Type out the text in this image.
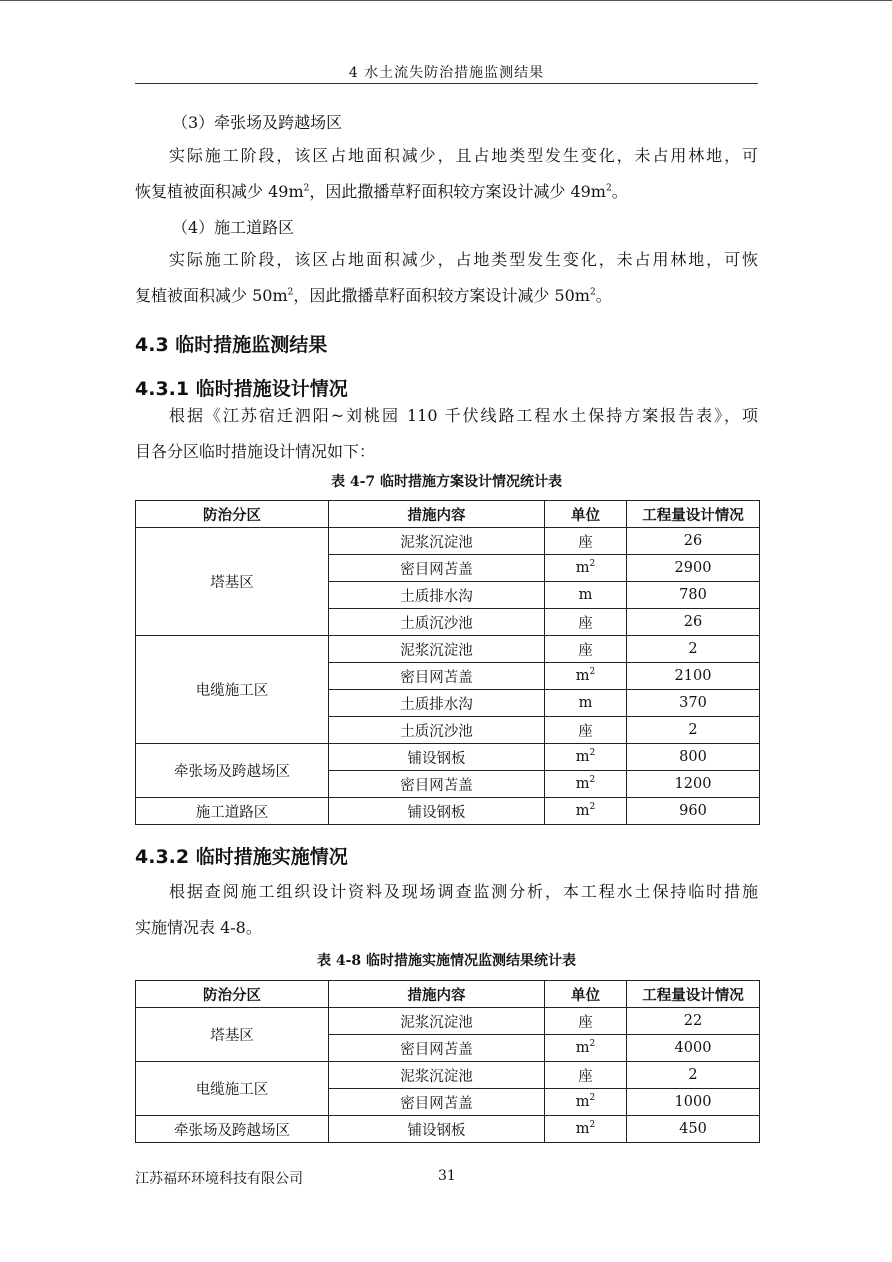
4 水土流失防治措施监测结果
（3）牵张场及跨越场区
实际施工阶段，该区占地面积减少，且占地类型发生变化，未占用林地，可
恢复植被面积减少 $49m^2$，因此撒播草籽面积较方案设计减少 $49m^2$。
（4）施工道路区
实际施工阶段，该区占地面积减少，占地类型发生变化，未占用林地，可恢
复植被面积减少 $50m^2$，因此撒播草籽面积较方案设计减少 $50m^2$。
4.3 临时措施监测结果
4.3.1 临时措施设计情况
根据《江苏宿迁泗阳~刘桃园 110 千伏线路工程水土保持方案报告表》，项
目各分区临时措施设计情况如下：
表 4-7 临时措施方案设计情况统计表
防治分区	措施内容	单位	工程量设计情况
塔基区	泥浆沉淀池	座	26
	密目网苫盖	$m^2$	2900
	土质排水沟	m	780
	土质沉沙池	座	26
电缆施工区	泥浆沉淀池	座	2
	密目网苫盖	$m^2$	2100
	土质排水沟	m	370
	土质沉沙池	座	2
牵张场及跨越场区	铺设钢板	$m^2$	800
	密目网苫盖	$m^2$	1200
施工道路区	铺设钢板	$m^2$	960
4.3.2 临时措施实施情况
根据查阅施工组织设计资料及现场调查监测分析，本工程水土保持临时措施
实施情况表 4-8。
表 4-8 临时措施实施情况监测结果统计表
防治分区	措施内容	单位	工程量设计情况
塔基区	泥浆沉淀池	座	22
	密目网苫盖	$m^2$	4000
电缆施工区	泥浆沉淀池	座	2
	密目网苫盖	$m^2$	1000
牵张场及跨越场区	铺设钢板	$m^2$	450
江苏福环环境科技有限公司	31
